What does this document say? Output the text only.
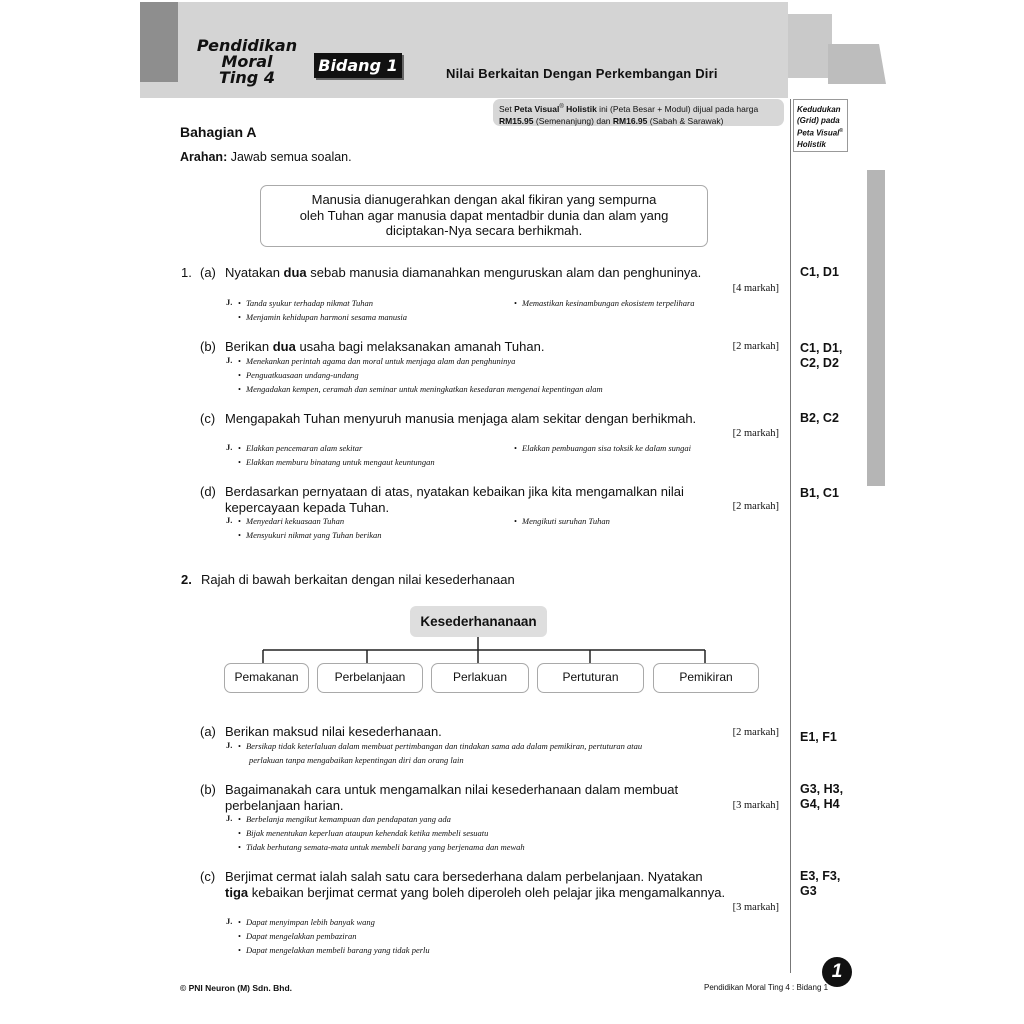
Pendidikan
Moral
Ting 4
Bidang 1	Nilai Berkaitan Dengan Perkembangan Diri
Set Peta Visual® Holistik ini (Peta Besar + Modul) dijual pada harga
RM15.95 (Semenanjung) dan RM16.95 (Sabah & Sarawak)
Kedudukan
(Grid) pada
Peta Visual®
Holistik
Bahagian A
Arahan: Jawab semua soalan.
Manusia dianugerahkan dengan akal fikiran yang sempurna
oleh Tuhan agar manusia dapat mentadbir dunia dan alam yang
diciptakan-Nya secara berhikmah.
1. (a) Nyatakan dua sebab manusia diamanahkan menguruskan alam dan penghuninya.
[4 markah]
C1, D1
J.	• Tanda syukur terhadap nikmat Tuhan	• Memastikan kesinambungan ekosistem terpelihara
• Menjamin kehidupan harmoni sesama manusia
(b) Berikan dua usaha bagi melaksanakan amanah Tuhan.	[2 markah] C1, D1,
C2, D2
J.	• Menekankan perintah agama dan moral untuk menjaga alam dan penghuninya
• Penguatkuasaan undang-undang
• Mengadakan kempen, ceramah dan seminar untuk meningkatkan kesedaran mengenai kepentingan alam
(c) Mengapakah Tuhan menyuruh manusia menjaga alam sekitar dengan berhikmah.
[2 markah]
B2, C2
J.	• Elakkan pencemaran alam sekitar	• Elakkan pembuangan sisa toksik ke dalam sungai
• Elakkan memburu binatang untuk mengaut keuntungan
(d) Berdasarkan pernyataan di atas, nyatakan kebaikan jika kita mengamalkan nilai
kepercayaan kepada Tuhan.	[2 markah]
B1, C1
J.	• Menyedari kekuasaan Tuhan	• Mengikuti suruhan Tuhan
• Mensyukuri nikmat yang Tuhan berikan
2. Rajah di bawah berkaitan dengan nilai kesederhanaan
Kesederhananaan
Pemakanan	Perbelanjaan	Perlakuan	Pertuturan	Pemikiran
(a) Berikan maksud nilai kesederhanaan.	[2 markah] E1, F1
J.	• Bersikap tidak keterlaluan dalam membuat pertimbangan dan tindakan sama ada dalam pemikiran, pertuturan atau
perlakuan tanpa mengabaikan kepentingan diri dan orang lain
(b) Bagaimanakah cara untuk mengamalkan nilai kesederhanaan dalam membuat
perbelanjaan harian.	[3 markah]
G3, H3,
G4, H4
J.	• Berbelanja mengikut kemampuan dan pendapatan yang ada
• Bijak menentukan keperluan ataupun kehendak ketika membeli sesuatu
• Tidak berhutang semata-mata untuk membeli barang yang berjenama dan mewah
(c) Berjimat cermat ialah salah satu cara bersederhana dalam perbelanjaan. Nyatakan
tiga kebaikan berjimat cermat yang boleh diperoleh oleh pelajar jika mengamalkannya.
[3 markah]
E3, F3,
G3
J.	• Dapat menyimpan lebih banyak wang
• Dapat mengelakkan pembaziran
• Dapat mengelakkan membeli barang yang tidak perlu
© PNI Neuron (M) Sdn. Bhd.	Pendidikan Moral Ting 4 : Bidang 1
1
